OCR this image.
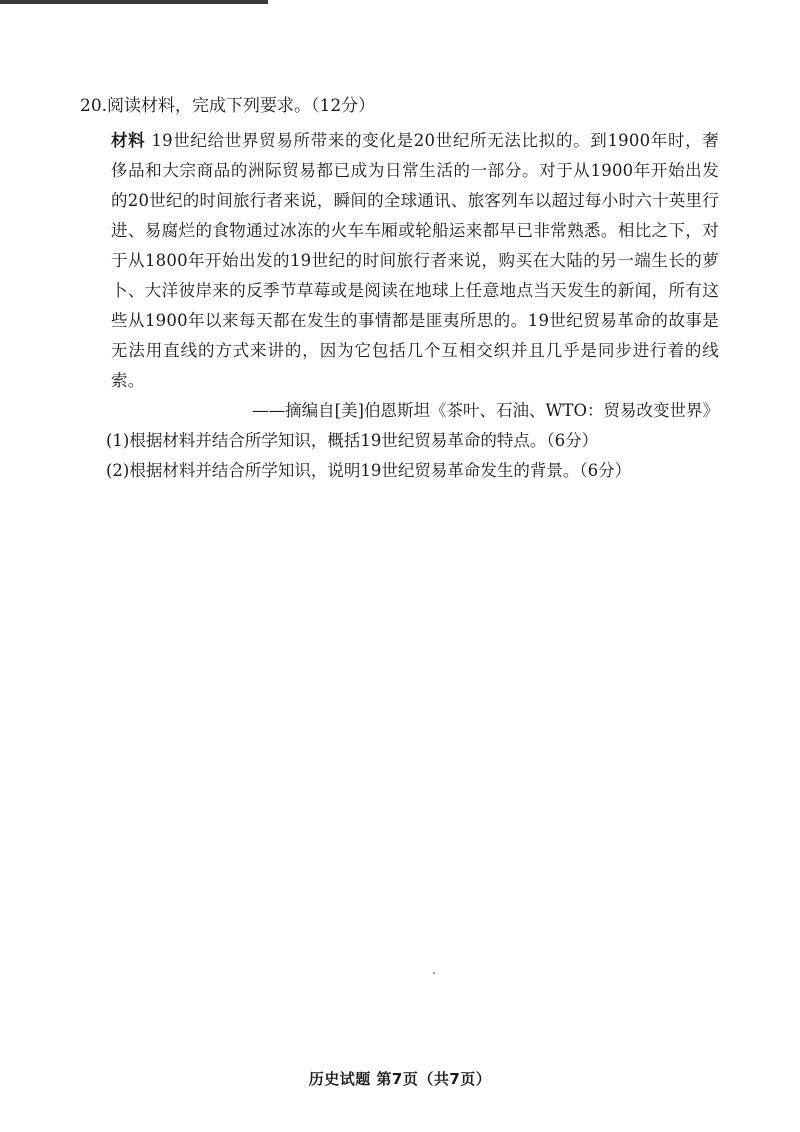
20.阅读材料，完成下列要求。（12分）
材料 19世纪给世界贸易所带来的变化是20世纪所无法比拟的。到1900年时，奢侈品和大宗商品的洲际贸易都已成为日常生活的一部分。对于从1900年开始出发的20世纪的时间旅行者来说，瞬间的全球通讯、旅客列车以超过每小时六十英里行进、易腐烂的食物通过冰冻的火车车厢或轮船运来都早已非常熟悉。相比之下，对于从1800年开始出发的19世纪的时间旅行者来说，购买在大陆的另一端生长的萝卜、大洋彼岸来的反季节草莓或是阅读在地球上任意地点当天发生的新闻，所有这些从1900年以来每天都在发生的事情都是匪夷所思的。19世纪贸易革命的故事是无法用直线的方式来讲的，因为它包括几个互相交织并且几乎是同步进行着的线索。
——摘编自[美]伯恩斯坦《茶叶、石油、WTO：贸易改变世界》
(1)根据材料并结合所学知识，概括19世纪贸易革命的特点。（6分）
(2)根据材料并结合所学知识，说明19世纪贸易革命发生的背景。（6分）
历史试题 第7页（共7页）
